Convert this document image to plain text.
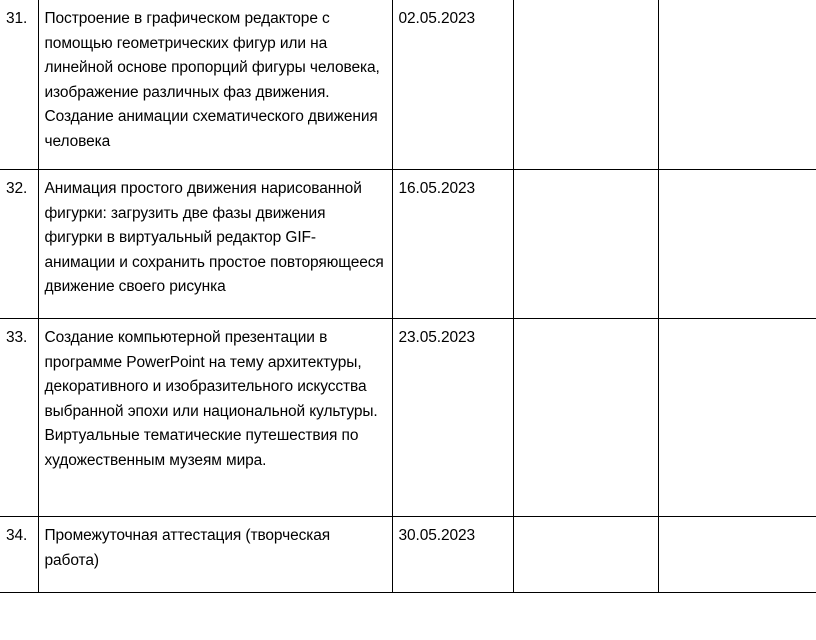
31.	Построение в графическом редакторе с помощью геометрических фигур или на линейной основе пропорций фигуры человека, изображение различных фаз движения. Создание анимации схематического движения человека	02.05.2023		
32.	Анимация простого движения нарисованной фигурки: загрузить две фазы движения фигурки в виртуальный редактор GIF-анимации и сохранить простое повторяющееся движение своего рисунка	16.05.2023		
33.	Создание компьютерной презентации в программе PowerPoint на тему архитектуры, декоративного и изобразительного искусства выбранной эпохи или национальной культуры. Виртуальные тематические путешествия по художественным музеям мира.	23.05.2023		
34.	Промежуточная аттестация (творческая работа)	30.05.2023		
